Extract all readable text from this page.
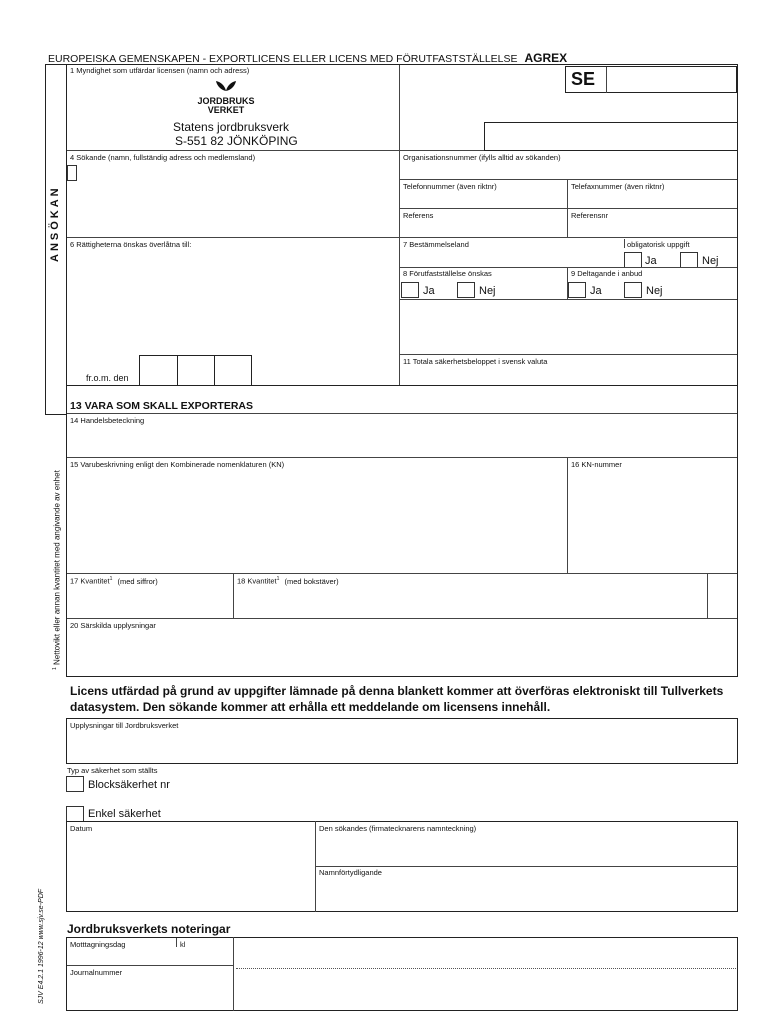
EUROPEISKA GEMENSKAPEN - EXPORTLICENS ELLER LICENS MED FÖRUTFASTSTÄLLELSE AGREX
ANSÖKAN
1 Myndighet som utfärdar licensen (namn och adress)
JORDBRUKS
VERKET
Statens jordbruksverk
S-551 82 JÖNKÖPING
SE
4 Sökande (namn, fullständig adress och medlemsland)	Organisationsnummer (ifylls alltid av sökanden)
Telefonnummer (även riktnr)	Telefaxnummer (även riktnr)
Referens	Referensnr
6 Rättigheterna önskas överlåtna till:	7 Bestämmelseland	obligatorisk uppgift
Ja	Nej
8 Förutfastställelse önskas	9 Deltagande i anbud
Ja	Nej	Ja	Nej
11 Totala säkerhetsbeloppet i svensk valuta
fr.o.m. den
13 VARA SOM SKALL EXPORTERAS
14 Handelsbeteckning
15 Varubeskrivning enligt den Kombinerade nomenklaturen (KN)	16 KN-nummer
17 Kvantitet$^1$ (med siffror)	18 Kvantitet$^1$ (med bokstäver)
20 Särskilda upplysningar
$^1$ Nettovikt eller annan kvantitet med angivande av enhet
Licens utfärdad på grund av uppgifter lämnade på denna blankett kommer att överföras elektroniskt till Tullverkets datasystem. Den sökande kommer att erhålla ett meddelande om licensens innehåll.
Upplysningar till Jordbruksverket
Typ av säkerhet som ställts
Blocksäkerhet nr
Enkel säkerhet
Datum	Den sökandes (firmatecknarens namnteckning)
Namnförtydligande
SJV E4.2.1 1996-12 www.sjv.se-PDF Jordbruksverkets noteringar
Motttagningsdag	kl
Journalnummer
